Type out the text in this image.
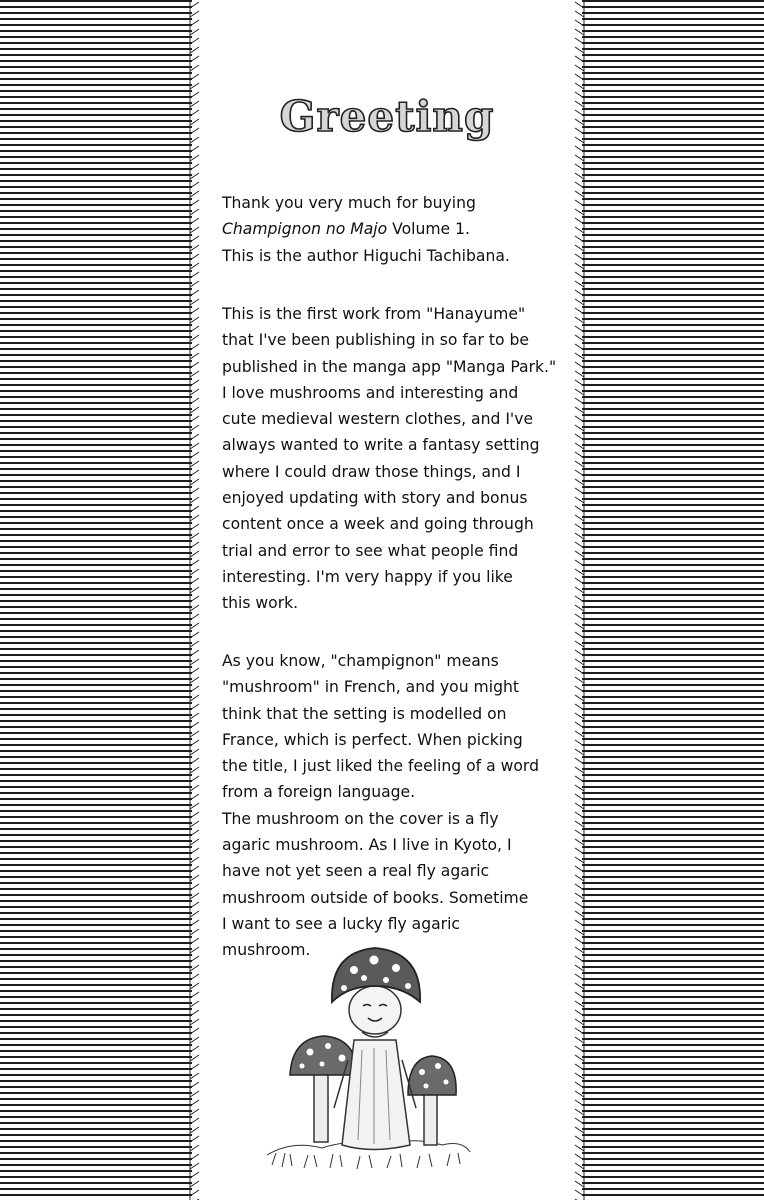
Greeting
Thank you very much for buying
Champignon no Majo Volume 1.
This is the author Higuchi Tachibana.
This is the first work from "Hanayume"
that I've been publishing in so far to be
published in the manga app "Manga Park."
I love mushrooms and interesting and
cute medieval western clothes, and I've
always wanted to write a fantasy setting
where I could draw those things, and I
enjoyed updating with story and bonus
content once a week and going through
trial and error to see what people find
interesting. I'm very happy if you like
this work.
As you know, "champignon" means
"mushroom" in French, and you might
think that the setting is modelled on
France, which is perfect. When picking
the title, I just liked the feeling of a word
from a foreign language.
The mushroom on the cover is a fly
agaric mushroom. As I live in Kyoto, I
have not yet seen a real fly agaric
mushroom outside of books. Sometime
I want to see a lucky fly agaric
mushroom.
